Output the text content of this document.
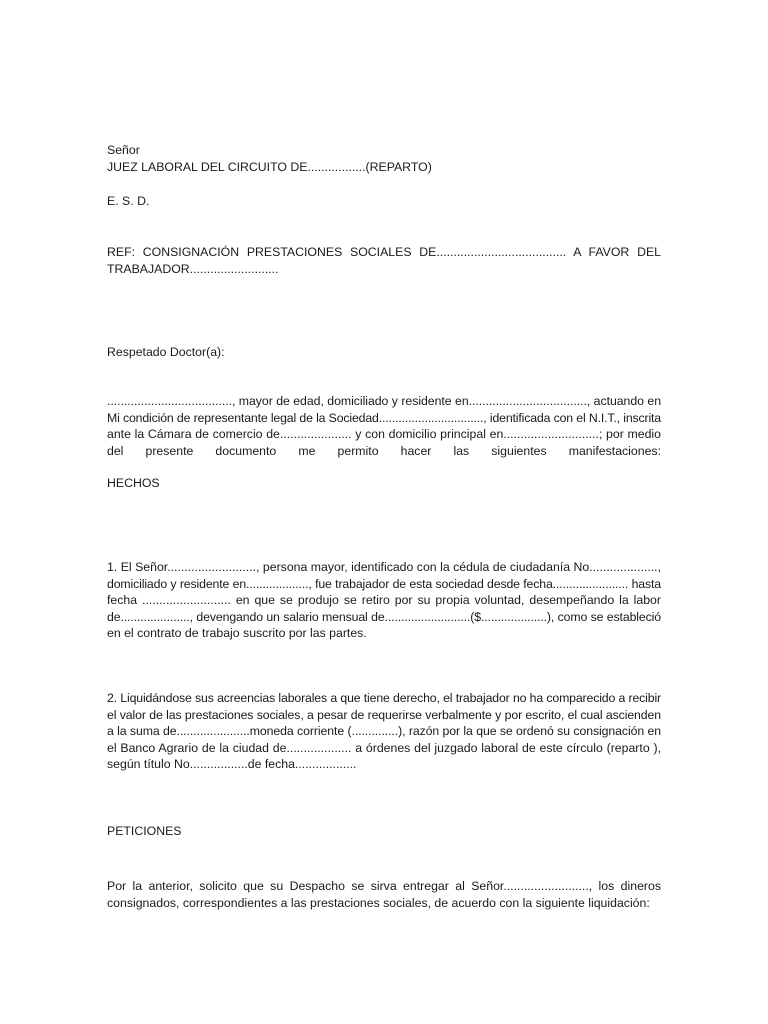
Señor
JUEZ LABORAL DEL CIRCUITO DE.................(REPARTO)
E. S. D.
REF: CONSIGNACIÓN PRESTACIONES SOCIALES DE...................................... A FAVOR DEL
TRABAJADOR..........................
Respetado Doctor(a):
....................................., mayor de edad, domiciliado y residente en..................................., actuando en
Mi condición de representante legal de la Sociedad................................, identificada con el N.I.T., inscrita
ante la Cámara de comercio de..................... y con domicilio principal en............................; por medio
del presente documento me permito hacer las siguientes manifestaciones:
HECHOS
1. El Señor.........................., persona mayor, identificado con la cédula de ciudadanía No....................,
domiciliado y residente en..................., fue trabajador de esta sociedad desde fecha....................... hasta
fecha .......................... en que se produjo se retiro por su propia voluntad, desempeñando la labor
de....................., devengando un salario mensual de..........................($....................), como se estableció
en el contrato de trabajo suscrito por las partes.
2. Liquidándose sus acreencias laborales a que tiene derecho, el trabajador no ha comparecido a recibir
el valor de las prestaciones sociales, a pesar de requerirse verbalmente y por escrito, el cual ascienden
a la suma de......................moneda corriente (..............), razón por la que se ordenó su consignación en
el Banco Agrario de la ciudad de................... a órdenes del juzgado laboral de este círculo (reparto ),
según título No.................de fecha..................
PETICIONES
Por la anterior, solicito que su Despacho se sirva entregar al Señor........................., los dineros
consignados, correspondientes a las prestaciones sociales, de acuerdo con la siguiente liquidación:
